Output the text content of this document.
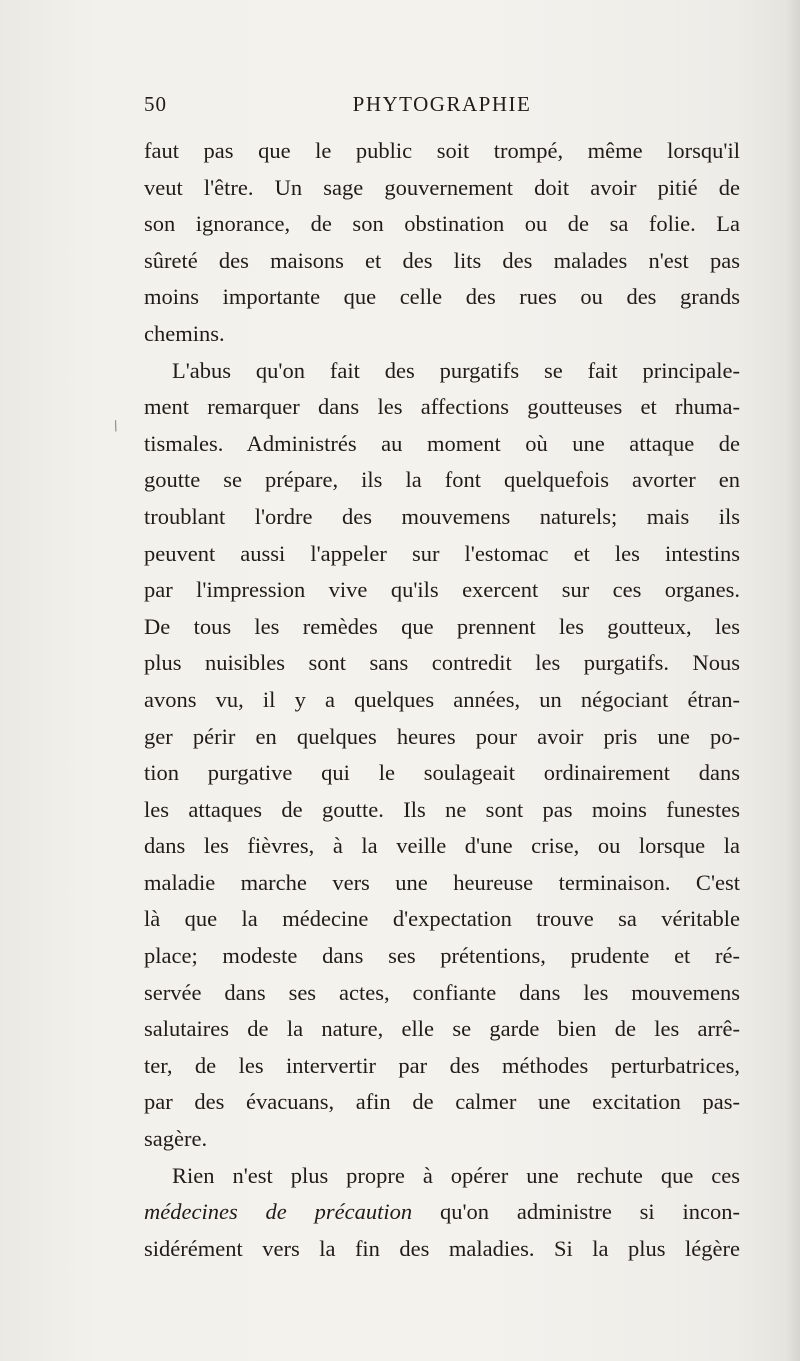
50	PHYTOGRAPHIE
/
faut pas que le public soit trompé, même lorsqu'il
veut l'être. Un sage gouvernement doit avoir pitié de
son ignorance, de son obstination ou de sa folie. La
sûreté des maisons et des lits des malades n'est pas
moins importante que celle des rues ou des grands
chemins.
L'abus qu'on fait des purgatifs se fait principale-
ment remarquer dans les affections goutteuses et rhuma-
tismales. Administrés au moment où une attaque de
goutte se prépare, ils la font quelquefois avorter en
troublant l'ordre des mouvemens naturels; mais ils
peuvent aussi l'appeler sur l'estomac et les intestins
par l'impression vive qu'ils exercent sur ces organes.
De tous les remèdes que prennent les goutteux, les
plus nuisibles sont sans contredit les purgatifs. Nous
avons vu, il y a quelques années, un négociant étran-
ger périr en quelques heures pour avoir pris une po-
tion purgative qui le soulageait ordinairement dans
les attaques de goutte. Ils ne sont pas moins funestes
dans les fièvres, à la veille d'une crise, ou lorsque la
maladie marche vers une heureuse terminaison. C'est
là que la médecine d'expectation trouve sa véritable
place; modeste dans ses prétentions, prudente et ré-
servée dans ses actes, confiante dans les mouvemens
salutaires de la nature, elle se garde bien de les arrê-
ter, de les intervertir par des méthodes perturbatrices,
par des évacuans, afin de calmer une excitation pas-
sagère.
Rien n'est plus propre à opérer une rechute que ces
médecines de précaution qu'on administre si incon-
sidérément vers la fin des maladies. Si la plus légère
